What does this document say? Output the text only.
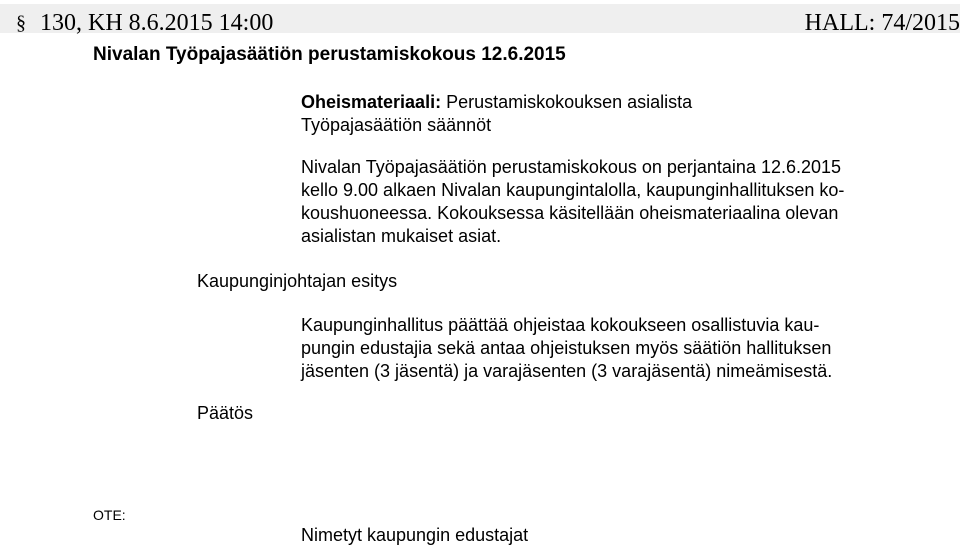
§ 130, KH 8.6.2015 14:00	HALL: 74/2015
Nivalan Työpajasäätiön perustamiskokous 12.6.2015
Oheismateriaali: Perustamiskokouksen asialista
Työpajasäätiön säännöt
Nivalan Työpajasäätiön perustamiskokous on perjantaina 12.6.2015
kello 9.00 alkaen Nivalan kaupungintalolla, kaupunginhallituksen ko-
koushuoneessa. Kokouksessa käsitellään oheismateriaalina olevan
asialistan mukaiset asiat.
Kaupunginjohtajan esitys
Kaupunginhallitus päättää ohjeistaa kokoukseen osallistuvia kau-
pungin edustajia sekä antaa ohjeistuksen myös säätiön hallituksen
jäsenten (3 jäsentä) ja varajäsenten (3 varajäsentä) nimeämisestä.
Päätös
OTE:
Nimetyt kaupungin edustajat
